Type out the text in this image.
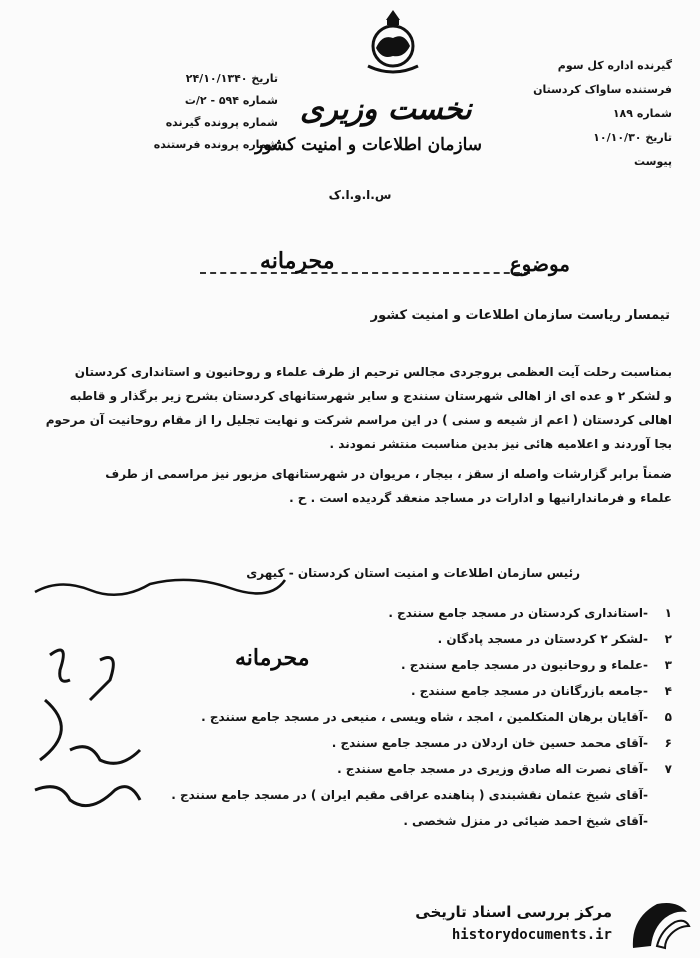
تاریخ ۲۴/۱۰/۱۳۴۰
شماره ۵۹۴ - ۲/ت
شماره پرونده گیرنده
شماره پرونده فرستنده
نخست وزیری
سازمان اطلاعات و امنیت کشور
س.ا.و.ا.ک
گیرنده اداره کل سوم
فرستنده ساواک کردستان
شماره ۱۸۹
تاریخ ۱۰/۱۰/۳۰
پیوست
موضوع
محرمانه
تیمسار ریاست سازمان اطلاعات و امنیت کشور

بمناسبت رحلت آیت العظمی بروجردی مجالس ترحیم از طرف علماء و روحانیون و استانداری کردستان

و لشکر ۲ و عده ای از اهالی شهرستان سنندج و سایر شهرستانهای کردستان بشرح زیر برگذار و قاطبه

اهالی کردستان ( اعم از شیعه و سنی ) در این مراسم شرکت و نهایت تجلیل را از مقام روحانیت آن مرحوم

بجا آوردند و اعلامیه هائی نیز بدین مناسبت منتشر نمودند .

ضمناً برابر گزارشات واصله از سقز ، بیجار ، مریوان در شهرستانهای مزبور نیز مراسمی از طرف

علماء و فرماندارانیها و ادارات در مساجد منعقد گردیده است . ح .

رئیس سازمان اطلاعات و امنیت استان کردستان - کیهری
۱
-
استانداری کردستان در مسجد جامع سنندج .
۲
-
لشکر ۲ کردستان در مسجد پادگان .
۳
-
علماء و روحانیون در مسجد جامع سنندج .
۴
-
جامعه بازرگانان در مسجد جامع سنندج .
۵
-
آقایان برهان المتکلمین ، امجد ، شاه ویسی ، منیعی در مسجد جامع سنندج .
۶
-
آقای محمد حسین خان اردلان در مسجد جامع سنندج .
۷
-
آقای نصرت اله صادق وزیری در مسجد جامع سنندج .
-
آقای شیخ عثمان نقشبندی ( پناهنده عراقی مقیم ایران ) در مسجد جامع سنندج .
-
آقای شیخ احمد ضیائی در منزل شخصی .
محرمانه
مرکز بررسی اسناد تاریخی
historydocuments.ir
